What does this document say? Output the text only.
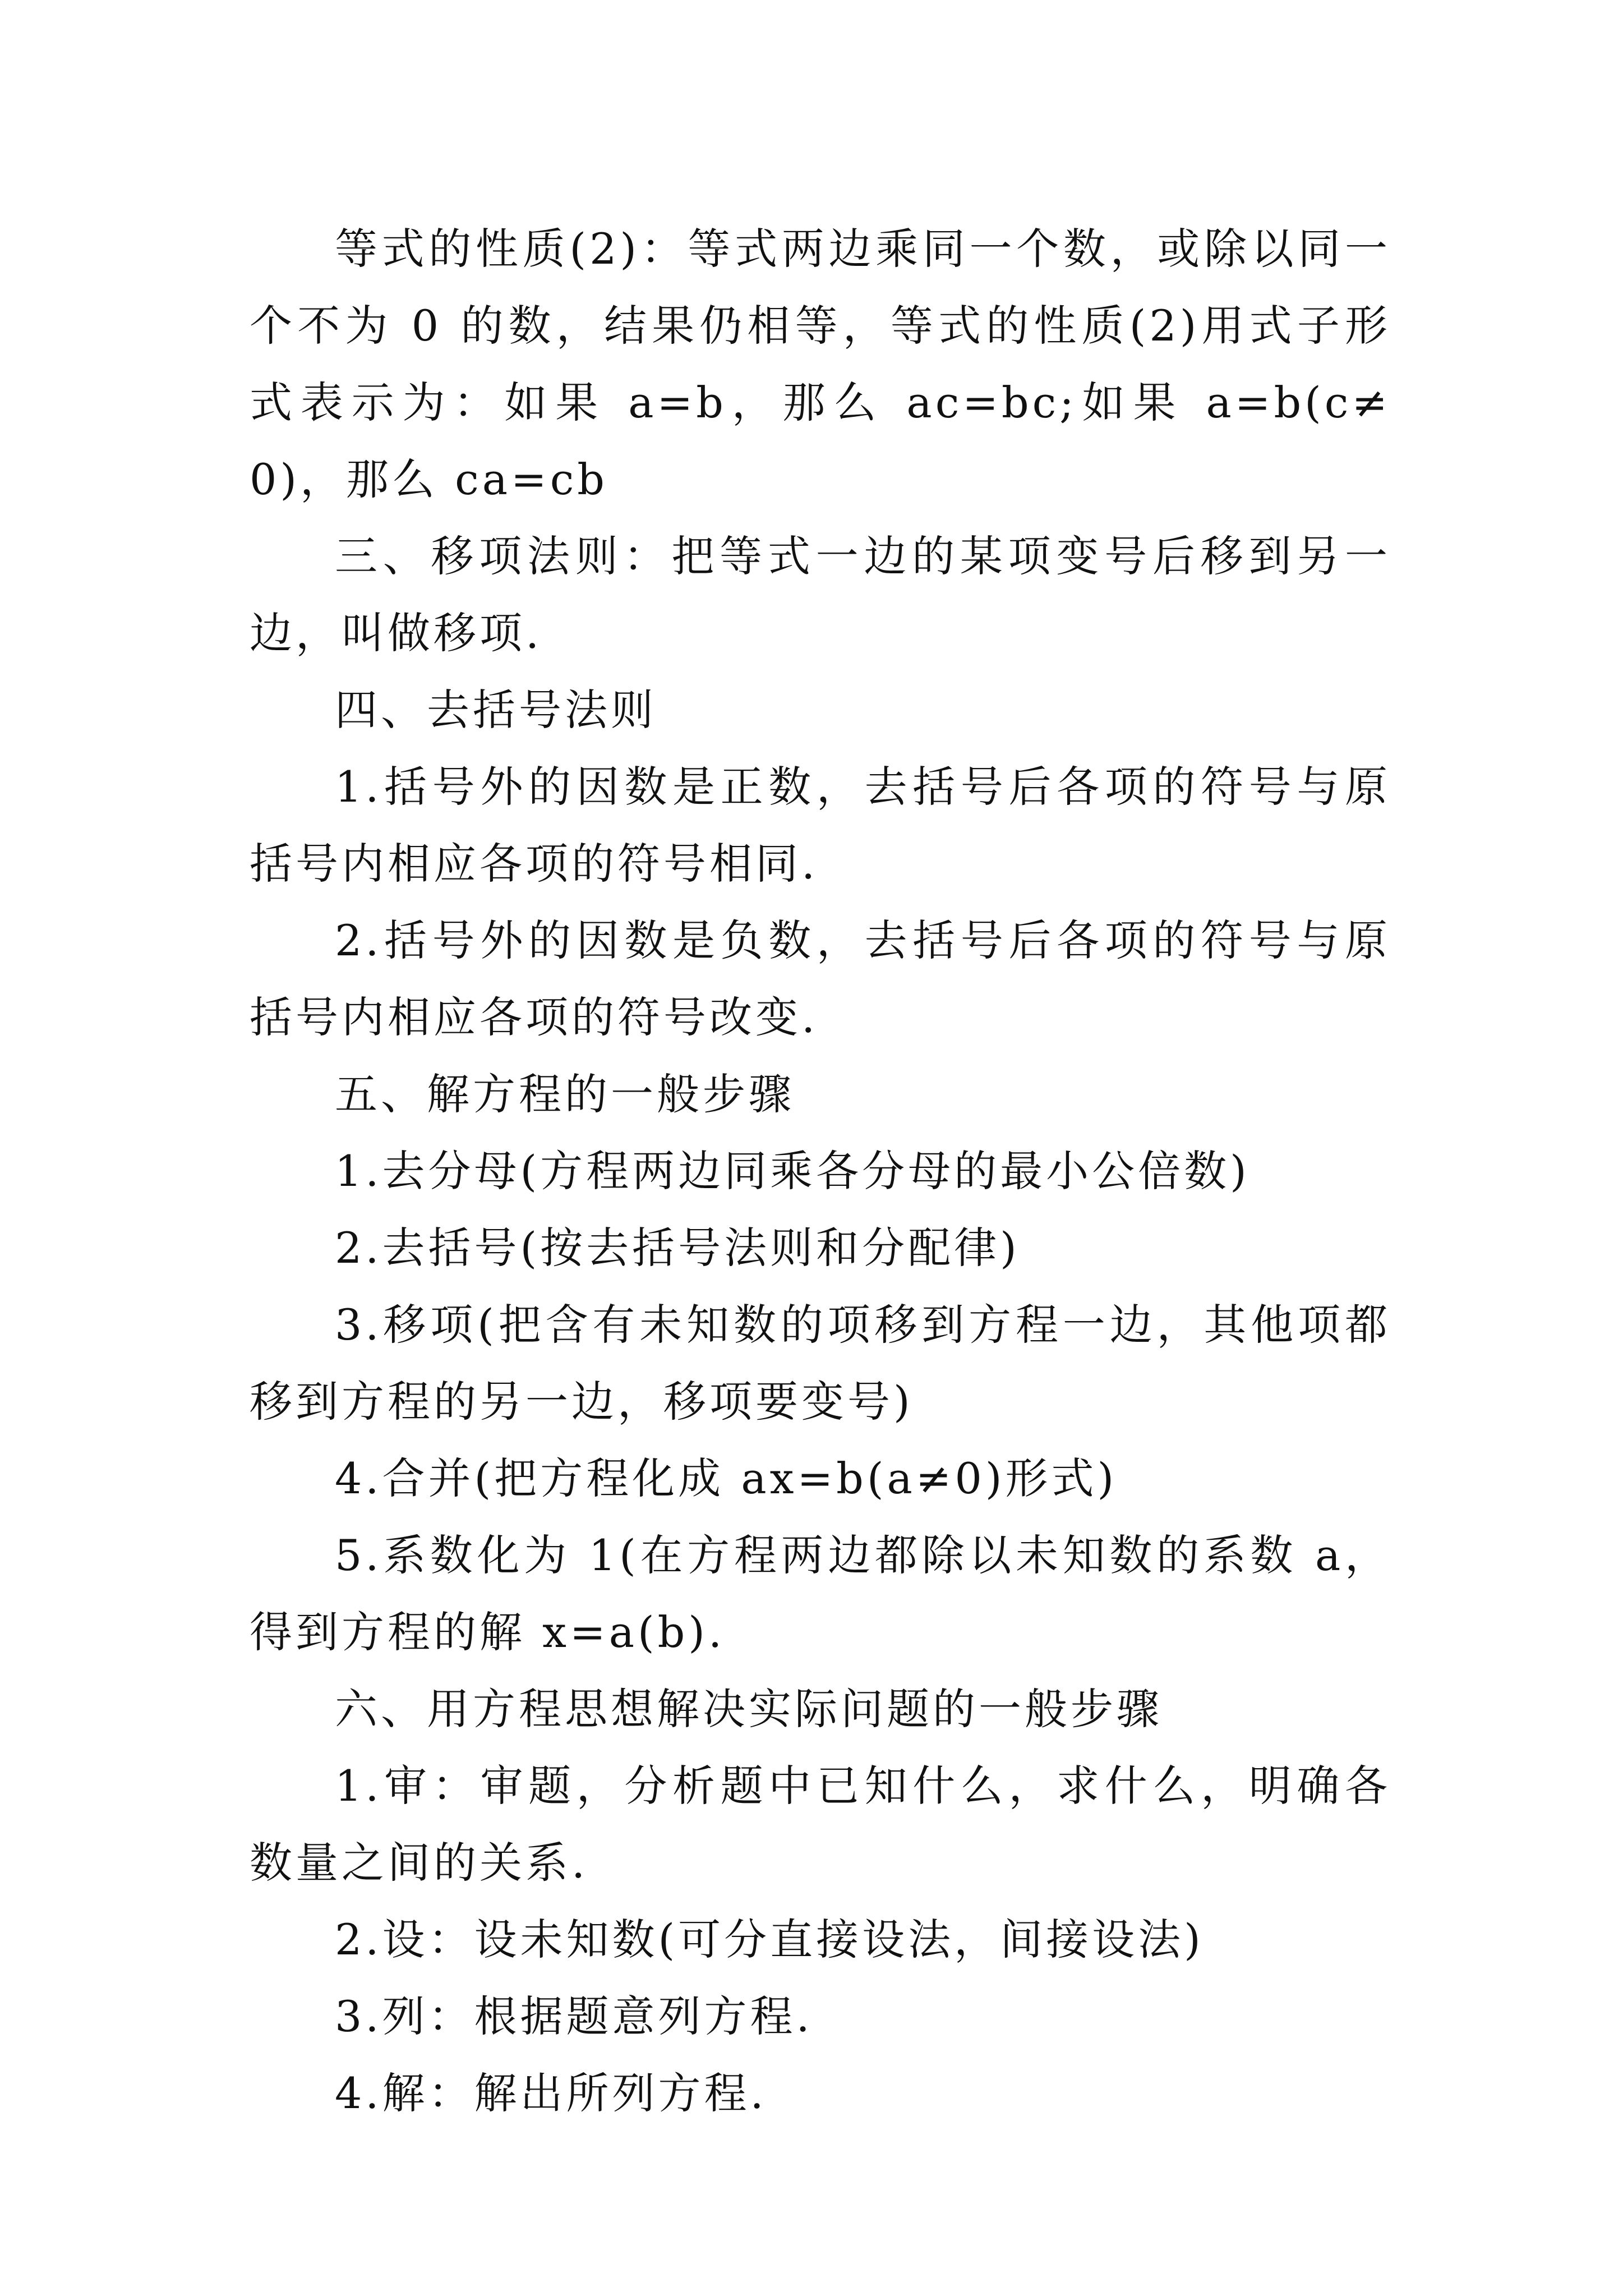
等式的性质(2)：等式两边乘同一个数，或除以同一个不为 0 的数，结果仍相等，等式的性质(2)用式子形式表示为：如果 a=b，那么 ac=bc;如果 a=b(c≠0)，那么 ca=cb

三、移项法则：把等式一边的某项变号后移到另一边，叫做移项.

四、去括号法则

1.括号外的因数是正数，去括号后各项的符号与原括号内相应各项的符号相同.

2.括号外的因数是负数，去括号后各项的符号与原括号内相应各项的符号改变.

五、解方程的一般步骤

1.去分母(方程两边同乘各分母的最小公倍数)

2.去括号(按去括号法则和分配律)

3.移项(把含有未知数的项移到方程一边，其他项都移到方程的另一边，移项要变号)

4.合并(把方程化成 ax=b(a≠0)形式)

5.系数化为 1(在方程两边都除以未知数的系数 a，得到方程的解 x=a(b).

六、用方程思想解决实际问题的一般步骤

1.审：审题，分析题中已知什么，求什么，明确各数量之间的关系.

2.设：设未知数(可分直接设法，间接设法)

3.列：根据题意列方程.

4.解：解出所列方程.
